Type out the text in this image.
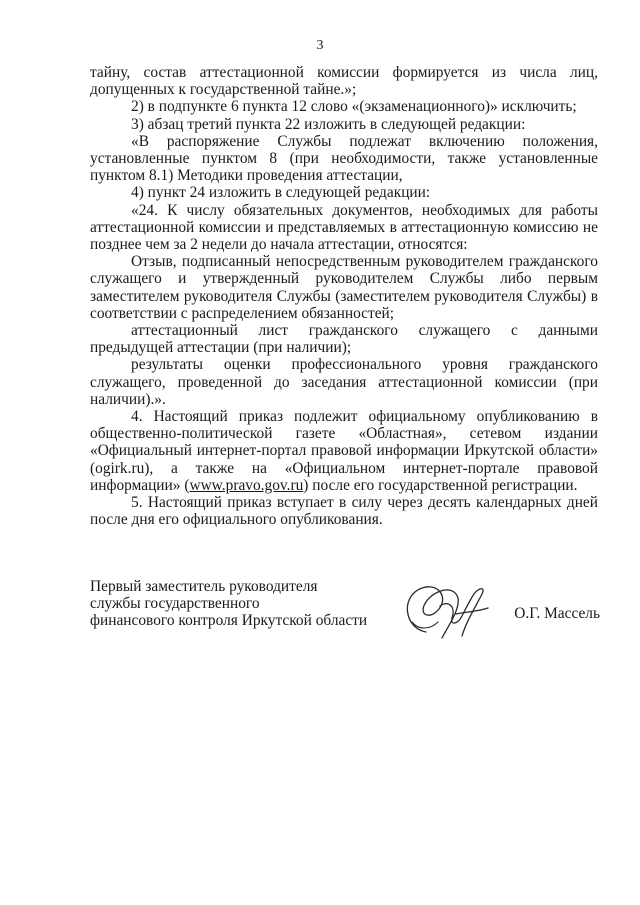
3

тайну, состав аттестационной комиссии формируется из числа лиц, допущенных к государственной тайне.»;

2) в подпункте 6 пункта 12 слово «(экзаменационного)» исключить;

3) абзац третий пункта 22 изложить в следующей редакции:

«В распоряжение Службы подлежат включению положения, установленные пунктом 8 (при необходимости, также установленные пунктом 8.1) Методики проведения аттестации,

4) пункт 24 изложить в следующей редакции:

«24. К числу обязательных документов, необходимых для работы аттестационной комиссии и представляемых в аттестационную комиссию не позднее чем за 2 недели до начала аттестации, относятся:

Отзыв, подписанный непосредственным руководителем гражданского служащего и утвержденный руководителем Службы либо первым заместителем руководителя Службы (заместителем руководителя Службы) в соответствии с распределением обязанностей;

аттестационный лист гражданского служащего с данными предыдущей аттестации (при наличии);

результаты оценки профессионального уровня гражданского служащего, проведенной до заседания аттестационной комиссии (при наличии).».

4. Настоящий приказ подлежит официальному опубликованию в общественно-политической газете «Областная», сетевом издании «Официальный интернет-портал правовой информации Иркутской области» (ogirk.ru), а также на «Официальном интернет-портале правовой информации» (www.pravo.gov.ru) после его государственной регистрации.

5. Настоящий приказ вступает в силу через десять календарных дней после дня его официального опубликования.

Первый заместитель руководителя
службы государственного
финансового контроля Иркутской области	О.Г. Массель
